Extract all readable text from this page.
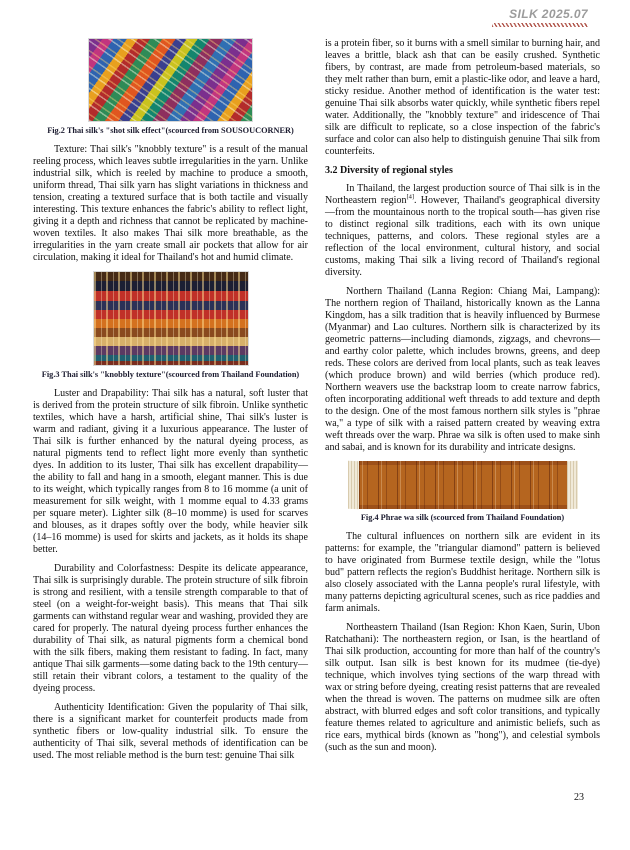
SILK 2025.07
Fig.2 Thai silk's "shot silk effect"(scourced from SOUSOUCORNER)

Texture: Thai silk's "knobbly texture" is a result of the manual reeling process, which leaves subtle irregularities in the yarn. Unlike industrial silk, which is reeled by machine to produce a smooth, uniform thread, Thai silk yarn has slight variations in thickness and tension, creating a textured surface that is both tactile and visually interesting. This texture enhances the fabric's ability to reflect light, giving it a depth and richness that cannot be replicated by machine-woven textiles. It also makes Thai silk more breathable, as the irregularities in the yarn create small air pockets that allow for air circulation, making it ideal for Thailand's hot and humid climate.

Fig.3 Thai silk's "knobbly texture"(scourced from Thailand Foundation)

Luster and Drapability: Thai silk has a natural, soft luster that is derived from the protein structure of silk fibroin. Unlike synthetic textiles, which have a harsh, artificial shine, Thai silk's luster is warm and radiant, giving it a luxurious appearance. The luster of Thai silk is further enhanced by the natural dyeing process, as natural pigments tend to reflect light more evenly than synthetic dyes. In addition to its luster, Thai silk has excellent drapability—the ability to fall and hang in a smooth, elegant manner. This is due to its weight, which typically ranges from 8 to 16 momme (a unit of measurement for silk weight, with 1 momme equal to 4.33 grams per square meter). Lighter silk (8–10 momme) is used for scarves and blouses, as it drapes softly over the body, while heavier silk (14–16 momme) is used for skirts and jackets, as it holds its shape better.

Durability and Colorfastness: Despite its delicate appearance, Thai silk is surprisingly durable. The protein structure of silk fibroin is strong and resilient, with a tensile strength comparable to that of steel (on a weight-for-weight basis). This means that Thai silk garments can withstand regular wear and washing, provided they are cared for properly. The natural dyeing process further enhances the durability of Thai silk, as natural pigments form a chemical bond with the silk fibers, making them resistant to fading. In fact, many antique Thai silk garments—some dating back to the 19th century—still retain their vibrant colors, a testament to the quality of the dyeing process.

Authenticity Identification: Given the popularity of Thai silk, there is a significant market for counterfeit products made from synthetic fibers or low-quality industrial silk. To ensure the authenticity of Thai silk, several methods of identification can be used. The most reliable method is the burn test: genuine Thai silk

is a protein fiber, so it burns with a smell similar to burning hair, and leaves a brittle, black ash that can be easily crushed. Synthetic fibers, by contrast, are made from petroleum-based materials, so they melt rather than burn, emit a plastic-like odor, and leave a hard, sticky residue. Another method of identification is the water test: genuine Thai silk absorbs water quickly, while synthetic fibers repel water. Additionally, the "knobbly texture" and iridescence of Thai silk are difficult to replicate, so a close inspection of the fabric's surface and color can also help to distinguish genuine Thai silk from counterfeits.

3.2 Diversity of regional styles

In Thailand, the largest production source of Thai silk is in the Northeastern region[4]. However, Thailand's geographical diversity—from the mountainous north to the tropical south—has given rise to distinct regional silk traditions, each with its own unique techniques, patterns, and colors. These regional styles are a reflection of the local environment, cultural history, and social customs, making Thai silk a living record of Thailand's regional diversity.

Northern Thailand (Lanna Region: Chiang Mai, Lampang): The northern region of Thailand, historically known as the Lanna Kingdom, has a silk tradition that is heavily influenced by Burmese (Myanmar) and Lao cultures. Northern silk is characterized by its geometric patterns—including diamonds, zigzags, and chevrons—and earthy color palette, which includes browns, greens, and deep reds. These colors are derived from local plants, such as teak leaves (which produce brown) and wild berries (which produce red). Northern weavers use the backstrap loom to create narrow fabrics, often incorporating additional weft threads to add texture and depth to the design. One of the most famous northern silk styles is "phrae wa," a type of silk with a raised pattern created by weaving extra weft threads over the warp. Phrae wa silk is often used to make sinh and sabai, and is known for its durability and intricate designs.

Fig.4 Phrae wa silk (scourced from Thailand Foundation)

The cultural influences on northern silk are evident in its patterns: for example, the "triangular diamond" pattern is believed to have originated from Burmese textile design, while the "lotus bud" pattern reflects the region's Buddhist heritage. Northern silk is also closely associated with the Lanna people's rural lifestyle, with many patterns depicting agricultural scenes, such as rice paddies and farm animals.

Northeastern Thailand (Isan Region: Khon Kaen, Surin, Ubon Ratchathani): The northeastern region, or Isan, is the heartland of Thai silk production, accounting for more than half of the country's silk output. Isan silk is best known for its mudmee (tie-dye) technique, which involves tying sections of the warp thread with wax or string before dyeing, creating resist patterns that are revealed when the thread is woven. The patterns on mudmee silk are often abstract, with blurred edges and soft color transitions, and typically feature themes related to agriculture and animistic beliefs, such as rice ears, mythical birds (known as "hong"), and celestial symbols (such as the sun and moon).

23
